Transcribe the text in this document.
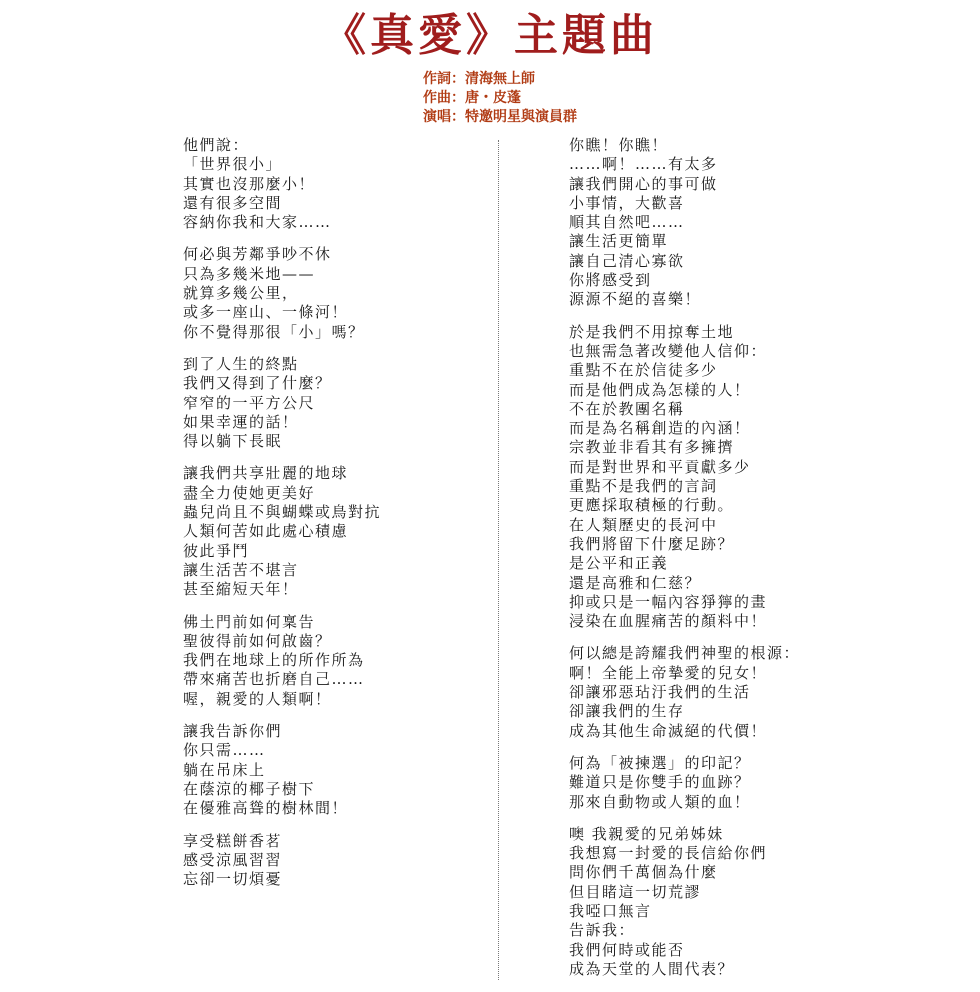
《真愛》主題曲
作詞：清海無上師
作曲：唐・皮蓬
演唱：特邀明星與演員群
他們說：
「世界很小」
其實也沒那麼小！
還有很多空間
容納你我和大家……
何必與芳鄰爭吵不休
只為多幾米地——
就算多幾公里，
或多一座山、一條河！
你不覺得那很「小」嗎？
到了人生的終點
我們又得到了什麼？
窄窄的一平方公尺
如果幸運的話！
得以躺下長眠
讓我們共享壯麗的地球
盡全力使她更美好
蟲兒尚且不與蝴蝶或鳥對抗
人類何苦如此處心積慮
彼此爭鬥
讓生活苦不堪言
甚至縮短天年！
佛土門前如何稟告
聖彼得前如何啟齒？
我們在地球上的所作所為
帶來痛苦也折磨自己……
喔，親愛的人類啊！
讓我告訴你們
你只需……
躺在吊床上
在蔭涼的椰子樹下
在優雅高聳的樹林間！
享受糕餅香茗
感受涼風習習
忘卻一切煩憂
你瞧！你瞧！
……啊！……有太多
讓我們開心的事可做
小事情，大歡喜
順其自然吧……
讓生活更簡單
讓自己清心寡欲
你將感受到
源源不絕的喜樂！
於是我們不用掠奪土地
也無需急著改變他人信仰：
重點不在於信徒多少
而是他們成為怎樣的人！
不在於教團名稱
而是為名稱創造的內涵！
宗教並非看其有多擁擠
而是對世界和平貢獻多少
重點不是我們的言詞
更應採取積極的行動。
在人類歷史的長河中
我們將留下什麼足跡？
是公平和正義
還是高雅和仁慈？
抑或只是一幅內容猙獰的畫
浸染在血腥痛苦的顏料中！
何以總是誇耀我們神聖的根源：
啊！全能上帝摯愛的兒女！
卻讓邪惡玷汙我們的生活
卻讓我們的生存
成為其他生命滅絕的代價！
何為「被揀選」的印記？
難道只是你雙手的血跡？
那來自動物或人類的血！
噢 我親愛的兄弟姊妹
我想寫一封愛的長信給你們
問你們千萬個為什麼
但目睹這一切荒謬
我啞口無言
告訴我：
我們何時或能否
成為天堂的人間代表？
